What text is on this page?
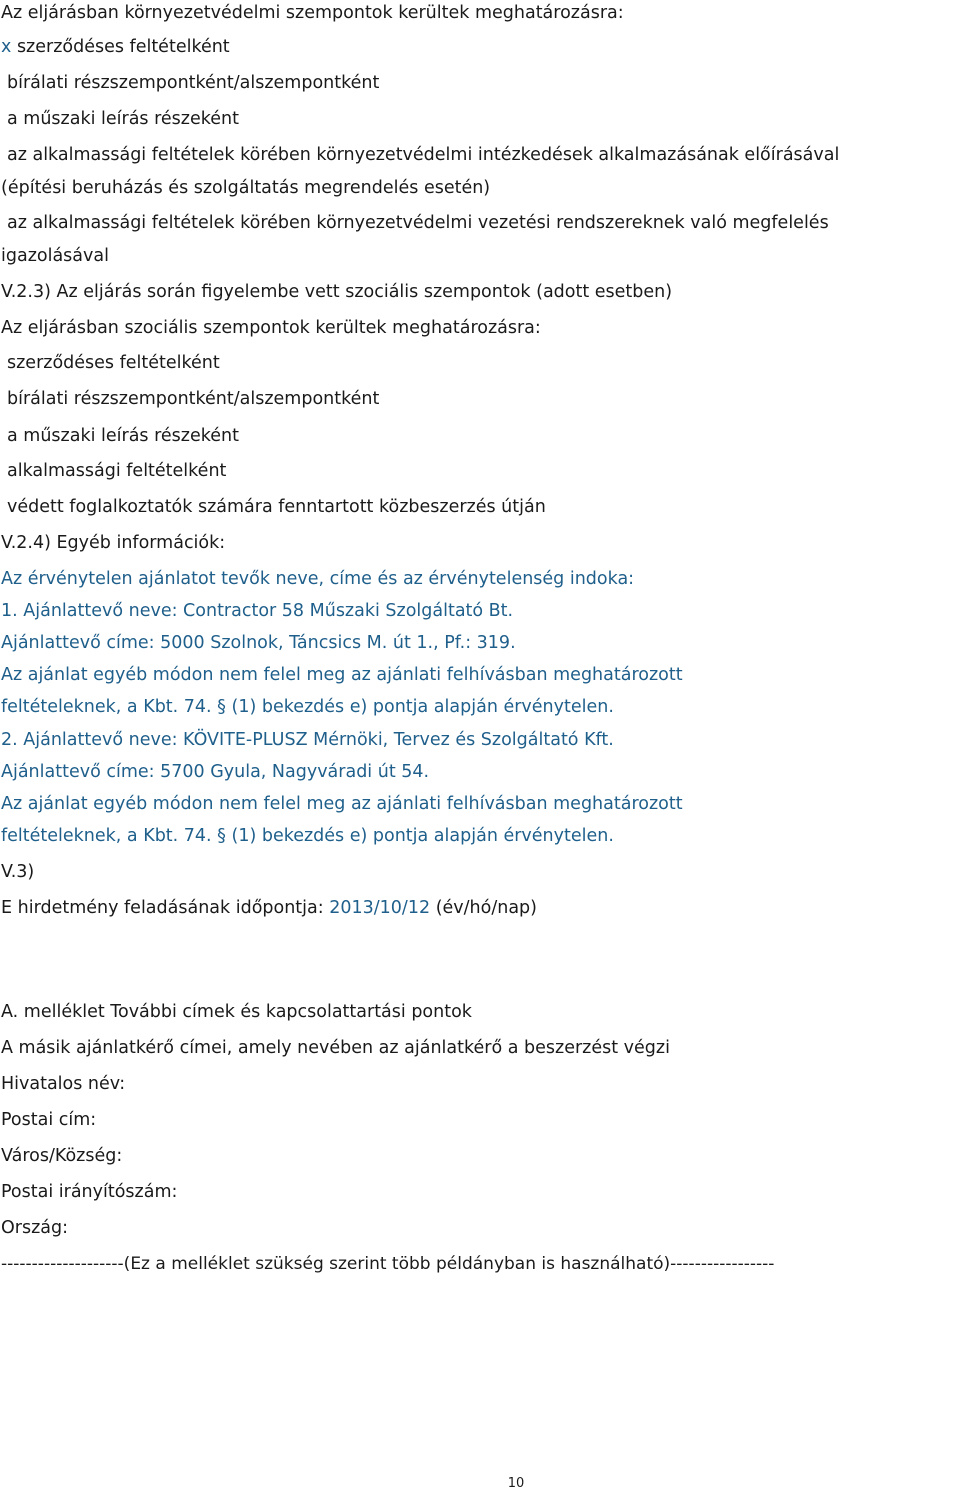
Az eljárásban környezetvédelmi szempontok kerültek meghatározásra:
x szerződéses feltételként
bírálati részszempontként/alszempontként
a műszaki leírás részeként
az alkalmassági feltételek körében környezetvédelmi intézkedések alkalmazásának előírásával
(építési beruházás és szolgáltatás megrendelés esetén)
az alkalmassági feltételek körében környezetvédelmi vezetési rendszereknek való megfelelés
igazolásával
V.2.3) Az eljárás során figyelembe vett szociális szempontok (adott esetben)
Az eljárásban szociális szempontok kerültek meghatározásra:
szerződéses feltételként
bírálati részszempontként/alszempontként
a műszaki leírás részeként
alkalmassági feltételként
védett foglalkoztatók számára fenntartott közbeszerzés útján
V.2.4) Egyéb információk:
Az érvénytelen ajánlatot tevők neve, címe és az érvénytelenség indoka:
1. Ajánlattevő neve: Contractor 58 Műszaki Szolgáltató Bt.
Ajánlattevő címe: 5000 Szolnok, Táncsics M. út 1., Pf.: 319.
Az ajánlat egyéb módon nem felel meg az ajánlati felhívásban meghatározott
feltételeknek, a Kbt. 74. § (1) bekezdés e) pontja alapján érvénytelen.
2. Ajánlattevő neve: KÖVITE-PLUSZ Mérnöki, Tervez és Szolgáltató Kft.
Ajánlattevő címe: 5700 Gyula, Nagyváradi út 54.
Az ajánlat egyéb módon nem felel meg az ajánlati felhívásban meghatározott
feltételeknek, a Kbt. 74. § (1) bekezdés e) pontja alapján érvénytelen.
V.3)
E hirdetmény feladásának időpontja: 2013/10/12 (év/hó/nap)
A. melléklet További címek és kapcsolattartási pontok
A másik ajánlatkérő címei, amely nevében az ajánlatkérő a beszerzést végzi
Hivatalos név:
Postai cím:
Város/Község:
Postai irányítószám:
Ország:
--------------------(Ez a melléklet szükség szerint több példányban is használható)-----------------
10
